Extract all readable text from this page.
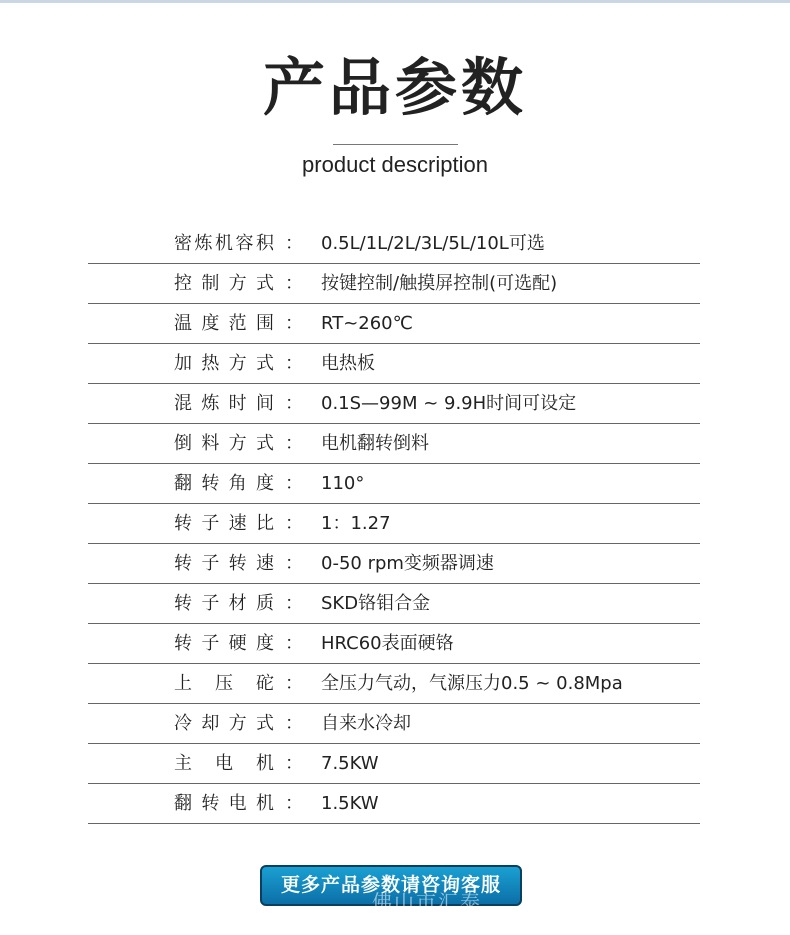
产品参数
product description
密炼机容积 ： 0.5L/1L/2L/3L/5L/10L可选
控制方式 ： 按键控制/触摸屏控制(可选配)
温度范围 ： RT~260℃
加热方式 ： 电热板
混炼时间 ： 0.1S—99M ~ 9.9H时间可设定
倒料方式 ： 电机翻转倒料
翻转角度 ： 110°
转子速比 ： 1：1.27
转子转速 ： 0-50 rpm变频器调速
转子材质 ： SKD铬钼合金
转子硬度 ： HRC60表面硬铬
上压砣 ： 全压力气动，气源压力0.5 ~ 0.8Mpa
冷却方式 ： 自来水冷却
主电机 ： 7.5KW
翻转电机 ： 1.5KW
更多产品参数请咨询客服
佛山市汇泰
